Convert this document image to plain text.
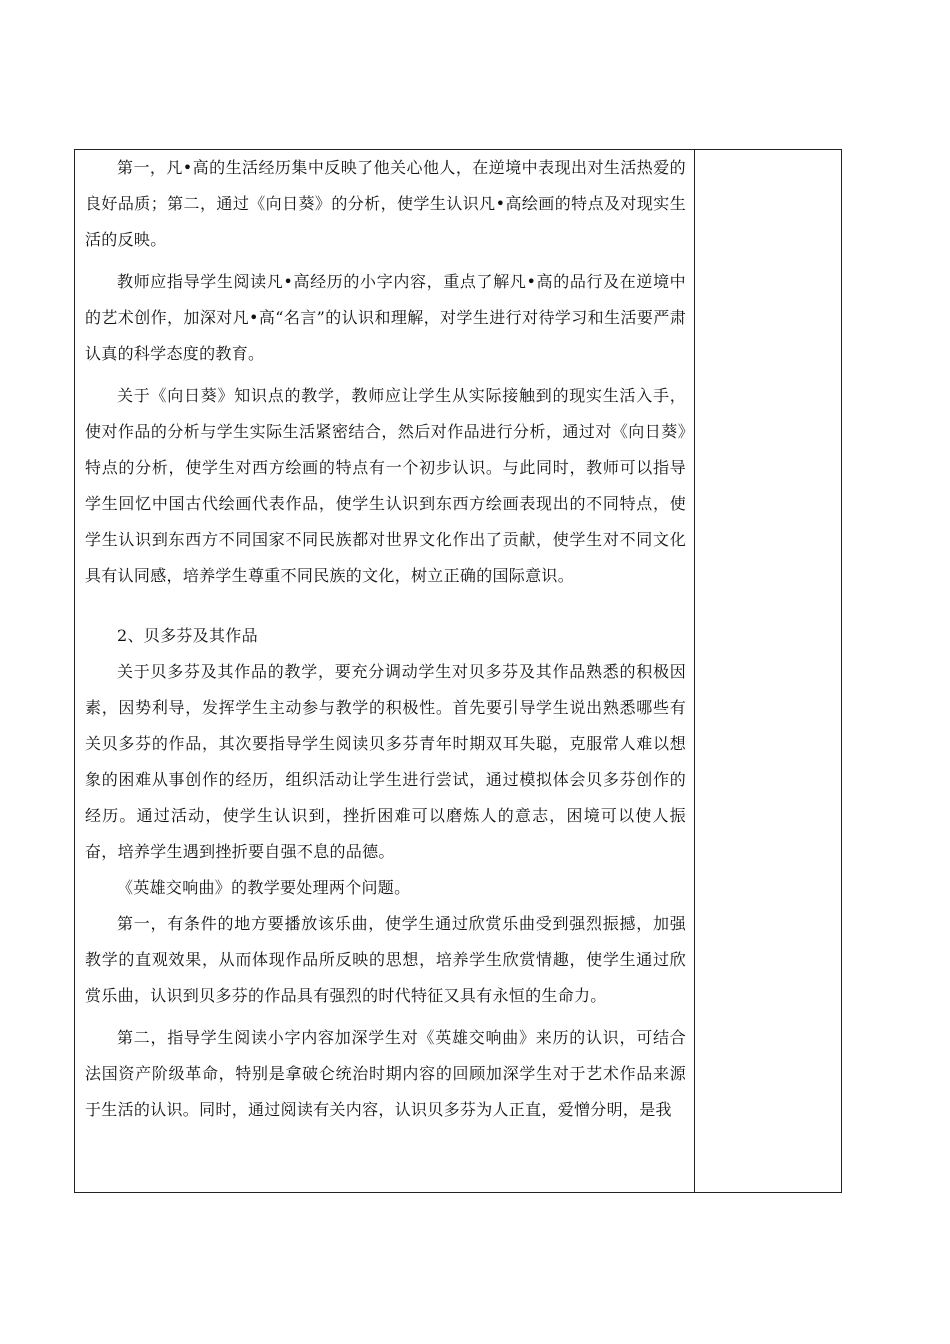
第一，凡•高的生活经历集中反映了他关心他人，在逆境中表现出对生活热爱的良好品质；第二，通过《向日葵》的分析，使学生认识凡•高绘画的特点及对现实生活的反映。

教师应指导学生阅读凡•高经历的小字内容，重点了解凡•高的品行及在逆境中的艺术创作，加深对凡•高“名言”的认识和理解，对学生进行对待学习和生活要严肃认真的科学态度的教育。

关于《向日葵》知识点的教学，教师应让学生从实际接触到的现实生活入手，使对作品的分析与学生实际生活紧密结合，然后对作品进行分析，通过对《向日葵》特点的分析，使学生对西方绘画的特点有一个初步认识。与此同时，教师可以指导学生回忆中国古代绘画代表作品，使学生认识到东西方绘画表现出的不同特点，使学生认识到东西方不同国家不同民族都对世界文化作出了贡献，使学生对不同文化具有认同感，培养学生尊重不同民族的文化，树立正确的国际意识。

2、贝多芬及其作品

关于贝多芬及其作品的教学，要充分调动学生对贝多芬及其作品熟悉的积极因素，因势利导，发挥学生主动参与教学的积极性。首先要引导学生说出熟悉哪些有关贝多芬的作品，其次要指导学生阅读贝多芬青年时期双耳失聪，克服常人难以想象的困难从事创作的经历，组织活动让学生进行尝试，通过模拟体会贝多芬创作的经历。通过活动，使学生认识到，挫折困难可以磨炼人的意志，困境可以使人振奋，培养学生遇到挫折要自强不息的品德。

《英雄交响曲》的教学要处理两个问题。

第一，有条件的地方要播放该乐曲，使学生通过欣赏乐曲受到强烈振撼，加强教学的直观效果，从而体现作品所反映的思想，培养学生欣赏情趣，使学生通过欣赏乐曲，认识到贝多芬的作品具有强烈的时代特征又具有永恒的生命力。

第二，指导学生阅读小字内容加深学生对《英雄交响曲》来历的认识，可结合法国资产阶级革命，特别是拿破仑统治时期内容的回顾加深学生对于艺术作品来源于生活的认识。同时，通过阅读有关内容，认识贝多芬为人正直，爱憎分明，是我
